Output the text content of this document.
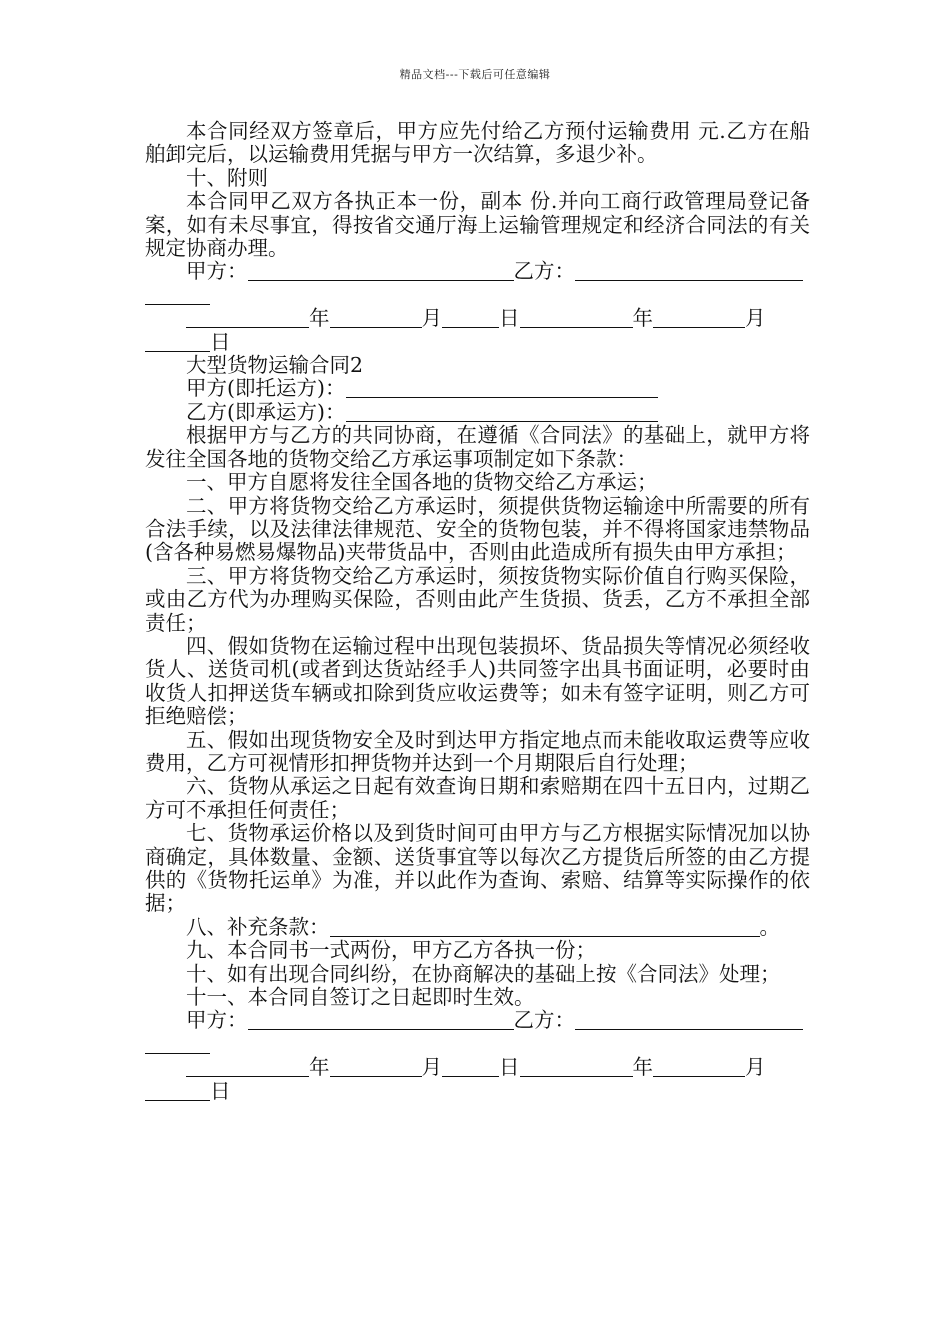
精品文档---下载后可任意编辑

本合同经双方签章后，甲方应先付给乙方预付运输费用 元.乙方在船舶卸完后，以运输费用凭据与甲方一次结算，多退少补。

十、附则

本合同甲乙双方各执正本一份，副本 份.并向工商行政管理局登记备案，如有未尽事宜，得按省交通厅海上运输管理规定和经济合同法的有关规定协商办理。

甲方：	乙方：

年	月	日	年	月

日

大型货物运输合同2

甲方(即托运方)：

乙方(即承运方)：

根据甲方与乙方的共同协商，在遵循《合同法》的基础上，就甲方将发往全国各地的货物交给乙方承运事项制定如下条款：

一、甲方自愿将发往全国各地的货物交给乙方承运；

二、甲方将货物交给乙方承运时，须提供货物运输途中所需要的所有合法手续，以及法律法律规范、安全的货物包装，并不得将国家违禁物品(含各种易燃易爆物品)夹带货品中，否则由此造成所有损失由甲方承担；

三、甲方将货物交给乙方承运时，须按货物实际价值自行购买保险，或由乙方代为办理购买保险，否则由此产生货损、货丢，乙方不承担全部责任；

四、假如货物在运输过程中出现包装损坏、货品损失等情况必须经收货人、送货司机(或者到达货站经手人)共同签字出具书面证明，必要时由收货人扣押送货车辆或扣除到货应收运费等；如未有签字证明，则乙方可拒绝赔偿；

五、假如出现货物安全及时到达甲方指定地点而未能收取运费等应收费用，乙方可视情形扣押货物并达到一个月期限后自行处理；

六、货物从承运之日起有效查询日期和索赔期在四十五日内，过期乙方可不承担任何责任；

七、货物承运价格以及到货时间可由甲方与乙方根据实际情况加以协商确定，具体数量、金额、送货事宜等以每次乙方提货后所签的由乙方提供的《货物托运单》为准，并以此作为查询、索赔、结算等实际操作的依据；

八、补充条款：	。

九、本合同书一式两份，甲方乙方各执一份；

十、如有出现合同纠纷，在协商解决的基础上按《合同法》处理；

十一、本合同自签订之日起即时生效。

甲方：	乙方：

年	月	日	年	月

日
